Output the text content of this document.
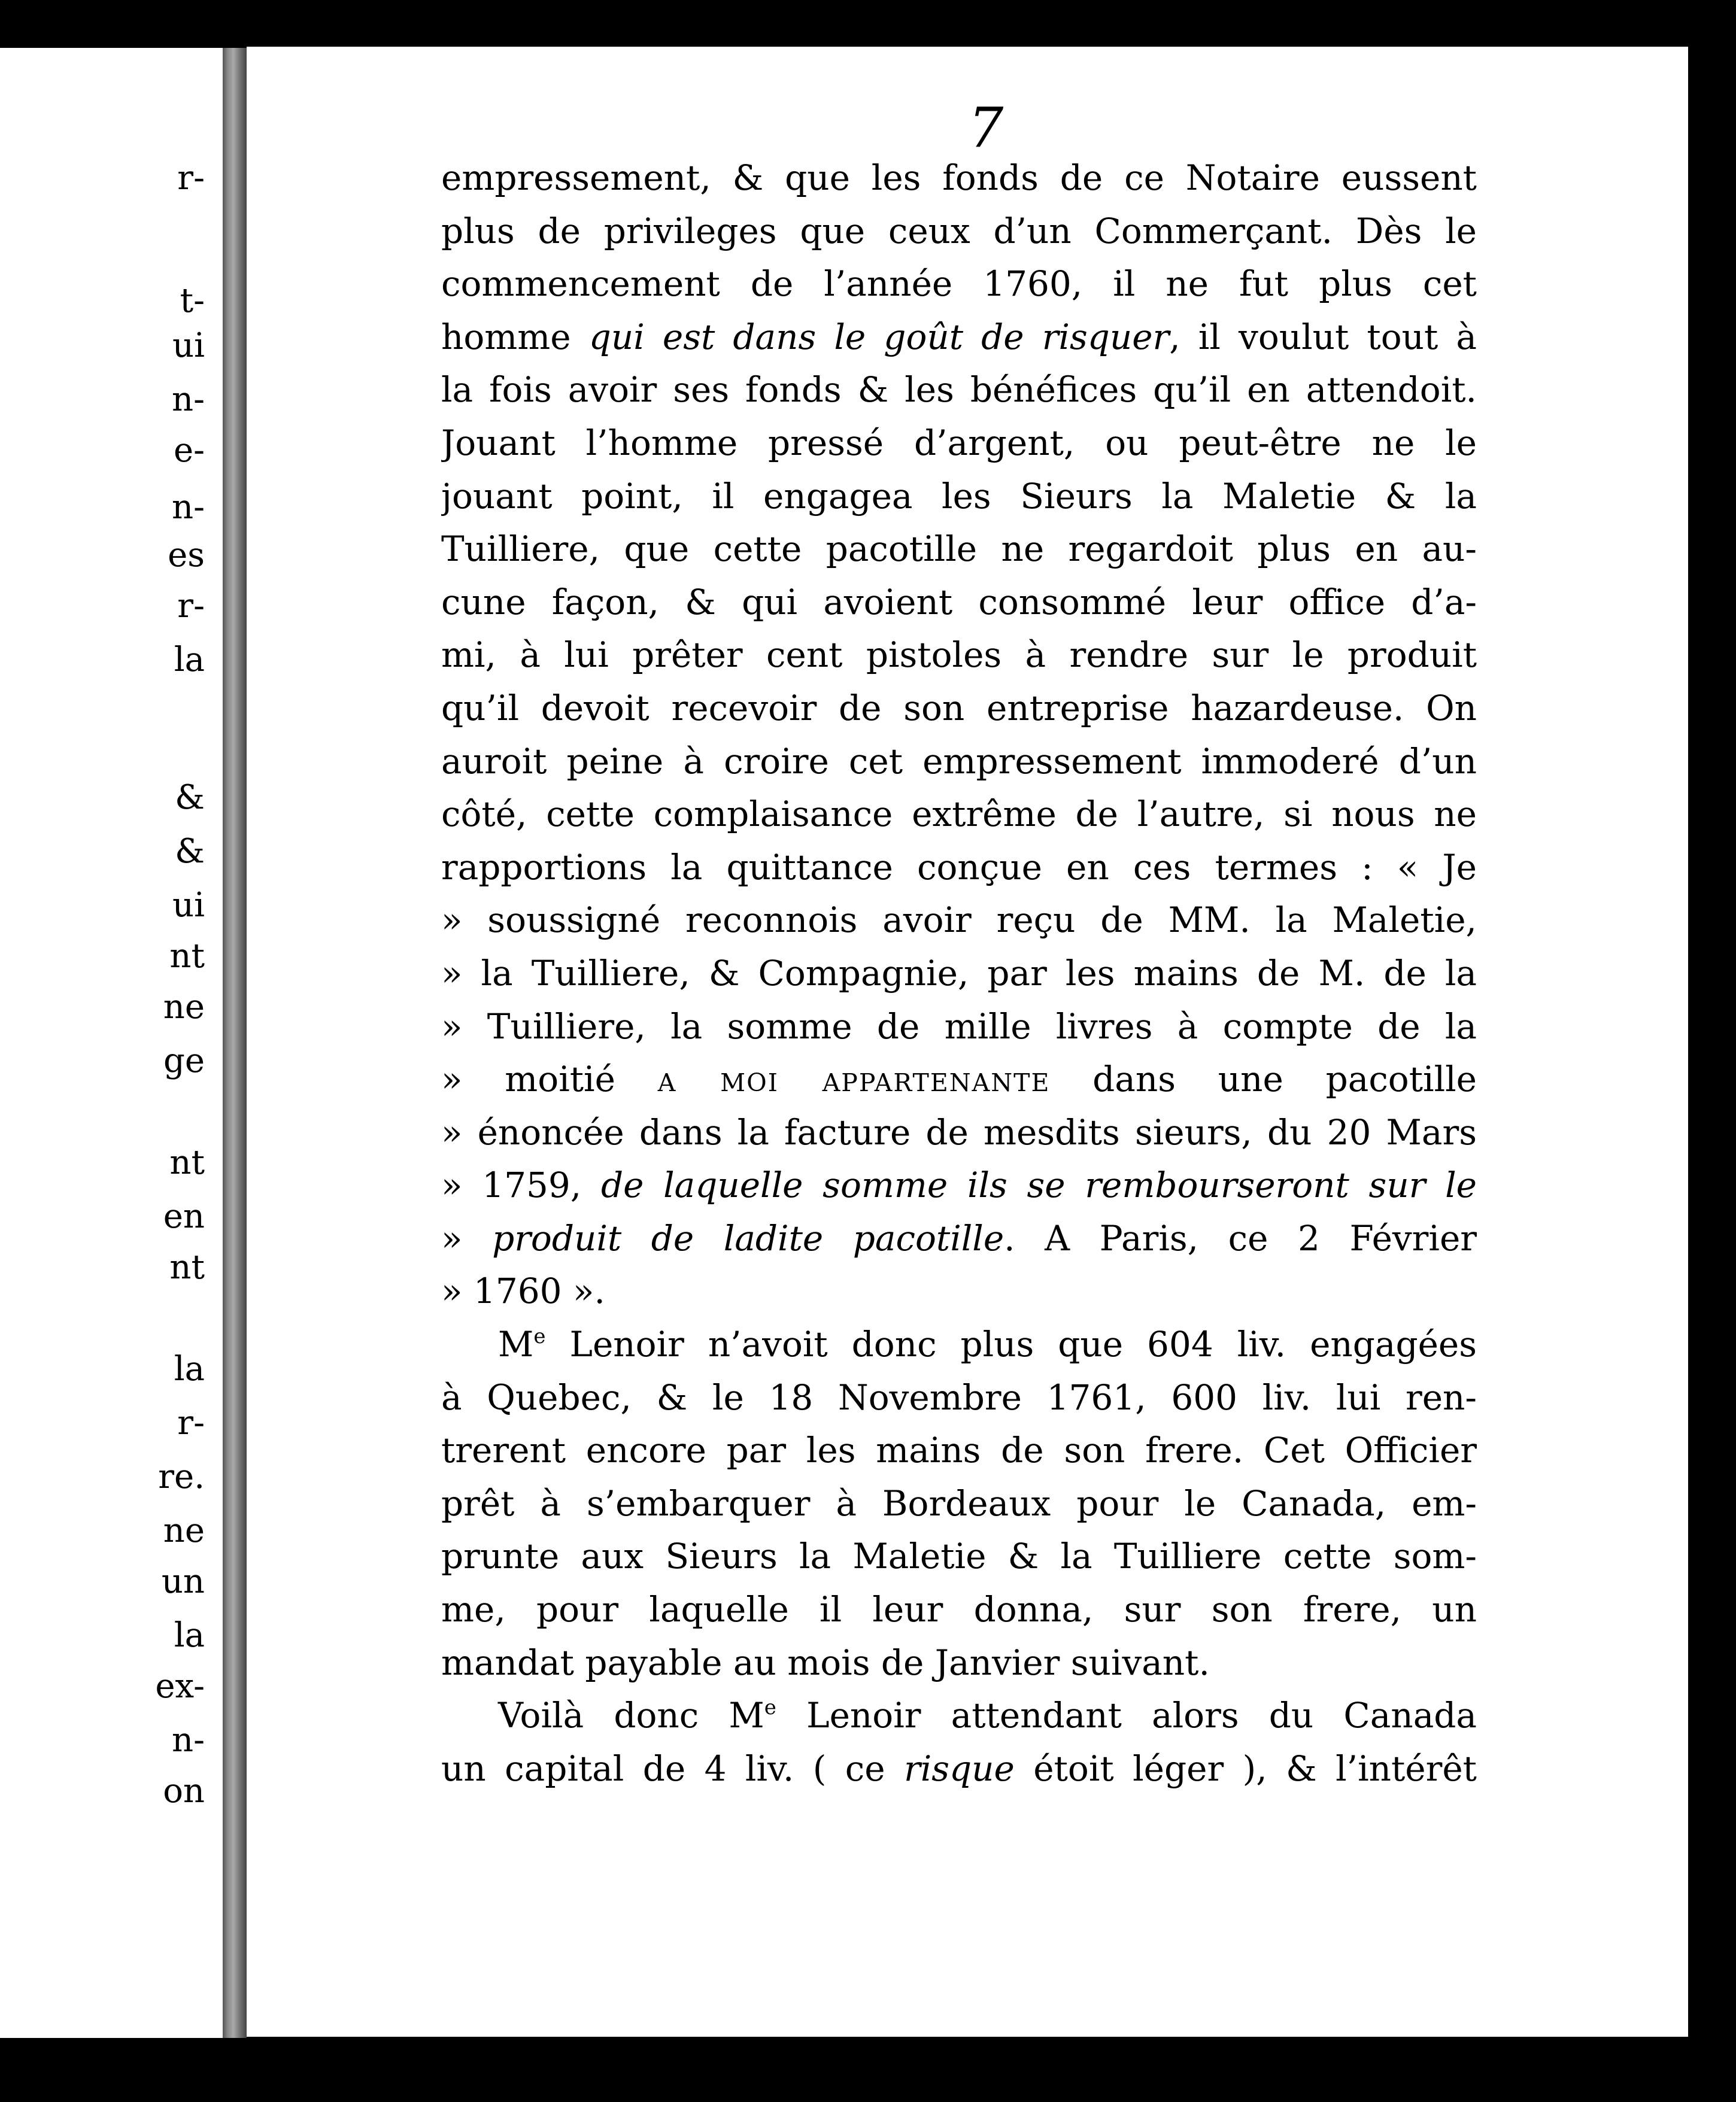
r-
t-
ui
n-
e-
n-
es
r-
la
&
&
ui
nt
ne
ge
nt
en
nt
la
r-
re.
ne
un
la
ex-
n-
on
7
empressement, & que les fonds de ce Notaire eussent
plus de privileges que ceux d’un Commerçant. Dès le
commencement de l’année 1760, il ne fut plus cet
homme qui est dans le goût de risquer, il voulut tout à
la fois avoir ses fonds & les bénéfices qu’il en attendoit.
Jouant l’homme pressé d’argent, ou peut-être ne le
jouant point, il engagea les Sieurs la Maletie & la
Tuilliere, que cette pacotille ne regardoit plus en au-
cune façon, & qui avoient consommé leur office d’a-
mi, à lui prêter cent pistoles à rendre sur le produit
qu’il devoit recevoir de son entreprise hazardeuse. On
auroit peine à croire cet empressement immoderé d’un
côté, cette complaisance extrême de l’autre, si nous ne
rapportions la quittance conçue en ces termes : « Je
» soussigné reconnois avoir reçu de MM. la Maletie,
» la Tuilliere, & Compagnie, par les mains de M. de la
» Tuilliere, la somme de mille livres à compte de la
» moitié a moi appartenante dans une pacotille
» énoncée dans la facture de mesdits sieurs, du 20 Mars
» 1759, de laquelle somme ils se rembourseront sur le
» produit de ladite pacotille. A Paris, ce 2 Février
» 1760 ».
Me Lenoir n’avoit donc plus que 604 liv. engagées
à Quebec, & le 18 Novembre 1761, 600 liv. lui ren-
trerent encore par les mains de son frere. Cet Officier
prêt à s’embarquer à Bordeaux pour le Canada, em-
prunte aux Sieurs la Maletie & la Tuilliere cette som-
me, pour laquelle il leur donna, sur son frere, un
mandat payable au mois de Janvier suivant.
Voilà donc Me Lenoir attendant alors du Canada
un capital de 4 liv. ( ce risque étoit léger ), & l’intérêt
